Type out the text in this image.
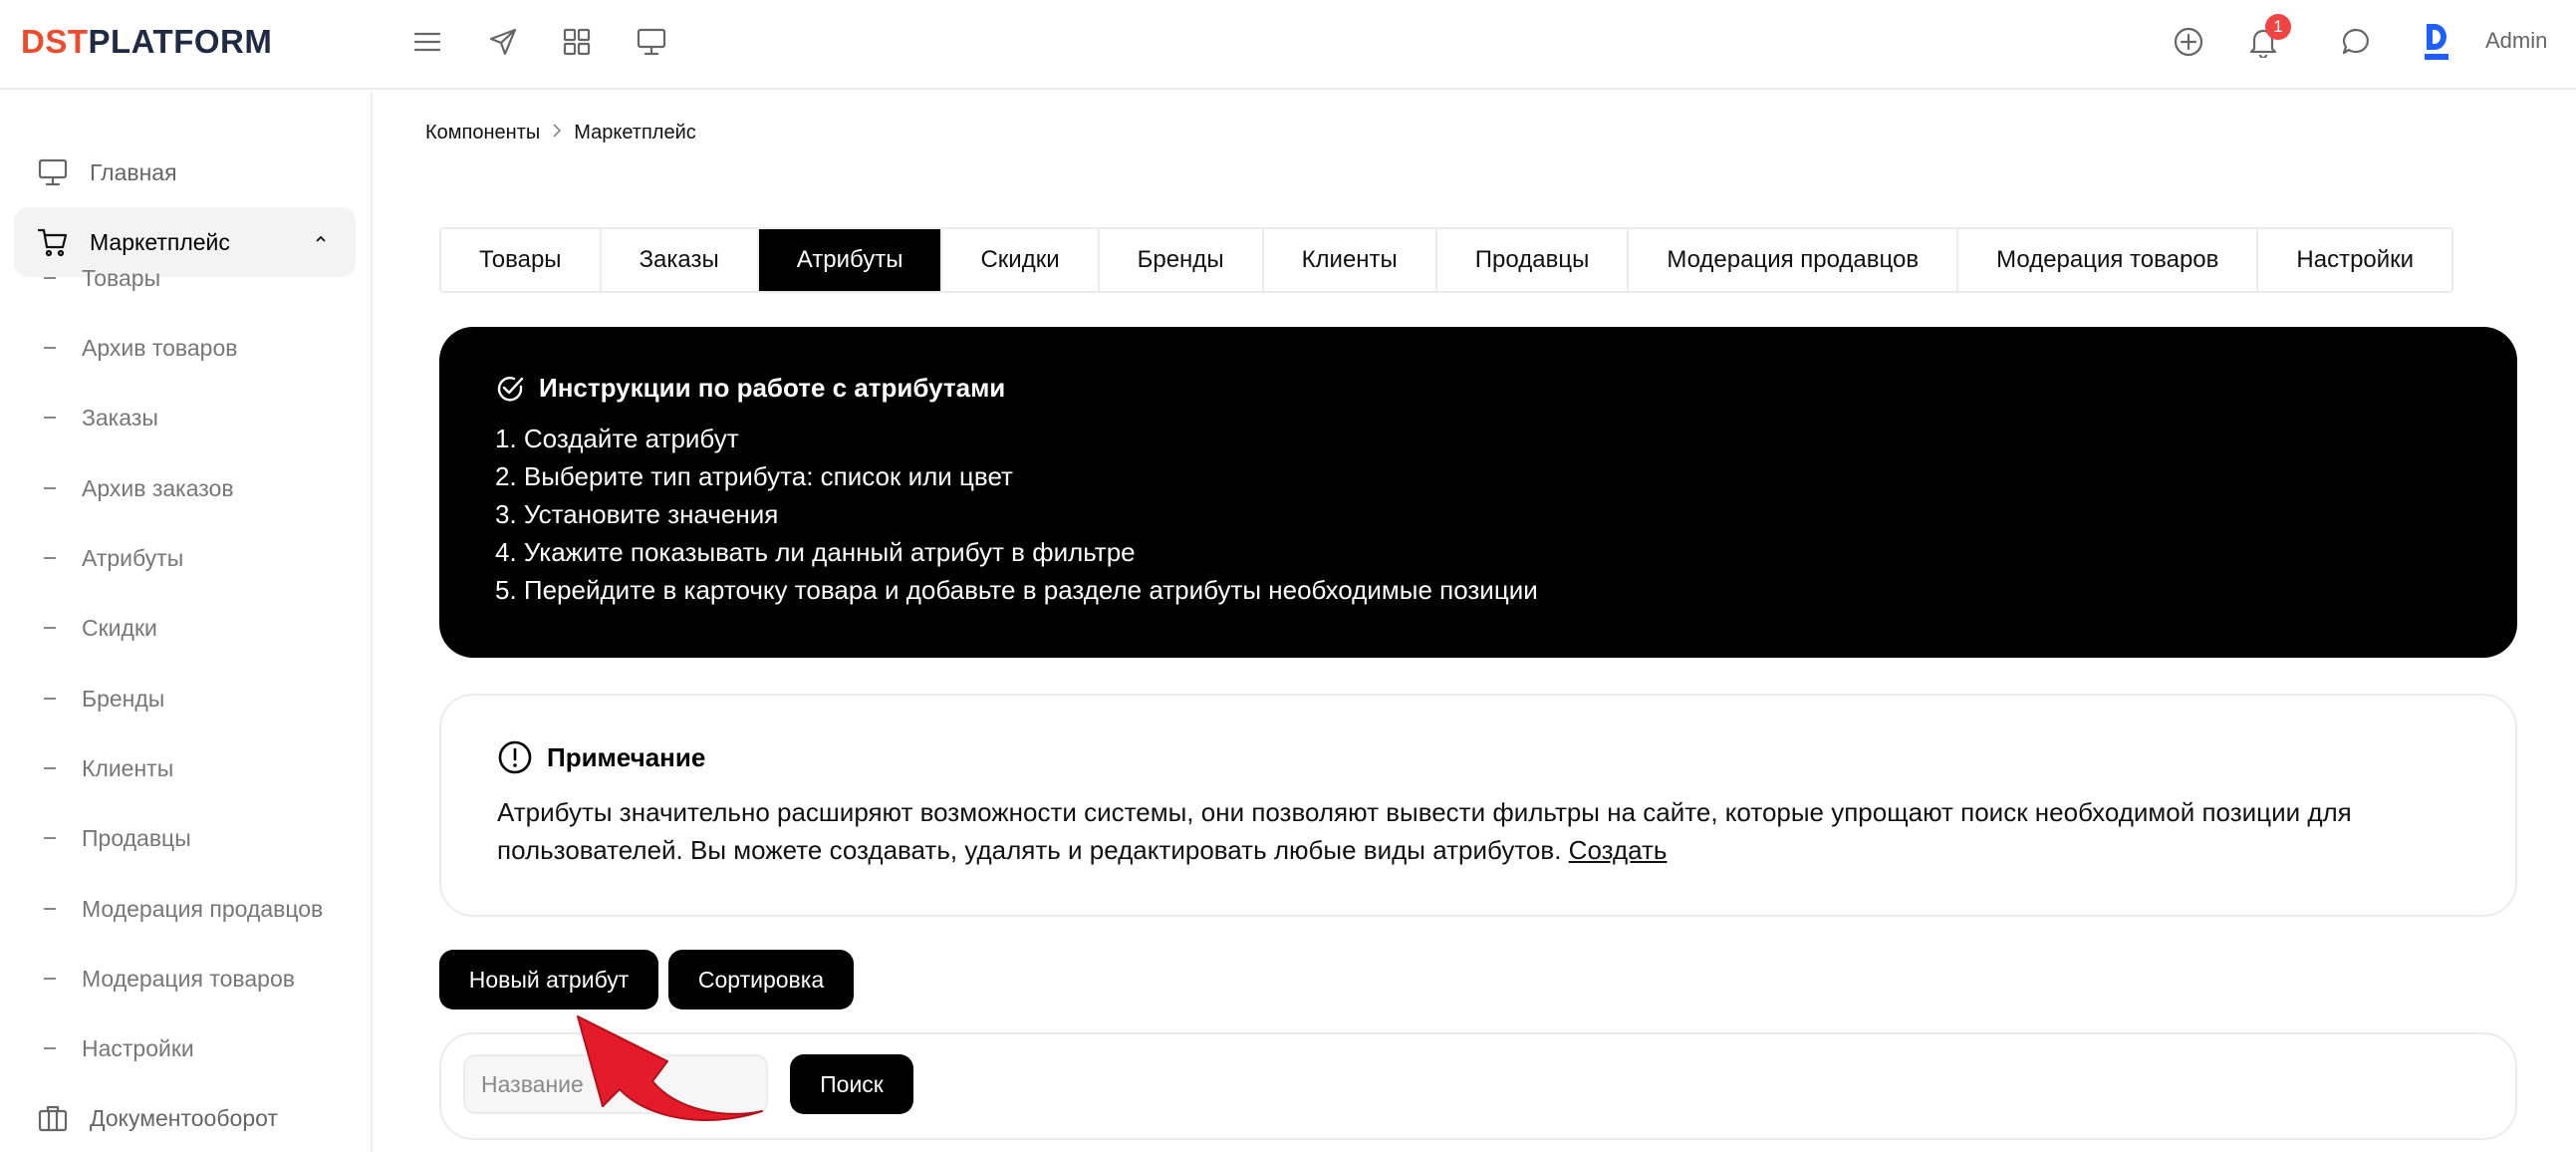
DSTPLATFORM	1
Admin
Главная
Маркетплейс
Товары
Архив товаров
Заказы
Архив заказов
Атрибуты
Скидки
Бренды
Клиенты
Продавцы
Модерация продавцов
Модерация товаров
Настройки
Документооборот
Компоненты Маркетплейс
Товары	Заказы	Атрибуты	Скидки	Бренды	Клиенты	Продавцы	Модерация продавцов	Модерация товаров	Настройки
Инструкции по работе с атрибутами
1. Создайте атрибут
2. Выберите тип атрибута: список или цвет
3. Установите значения
4. Укажите показывать ли данный атрибут в фильтре
5. Перейдите в карточку товара и добавьте в разделе атрибуты необходимые позиции
Примечание
Атрибуты значительно расширяют возможности системы, они позволяют вывести фильтры на сайте, которые упрощают поиск необходимой позиции для
пользователей. Вы можете создавать, удалять и редактировать любые виды атрибутов. Создать
Новый атрибут	Сортировка
Название
Поиск
